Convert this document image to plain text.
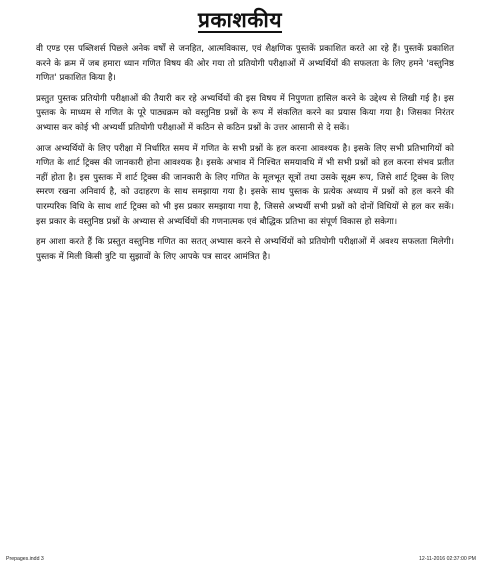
प्रकाशकीय

वी एण्ड एस पब्लिशर्स पिछले अनेक वर्षों से जनहित, आत्मविकास, एवं शैक्षणिक पुस्तकें प्रकाशित करते आ रहे हैं। पुस्तकें प्रकाशित करने के क्रम में जब हमारा ध्यान गणित विषय की ओर गया तो प्रतियोगी परीक्षाओं में अभ्यर्थियों की सफलता के लिए हमने 'वस्तुनिष्ठ गणित' प्रकाशित किया है।

प्रस्तुत पुस्तक प्रतियोगी परीक्षाओं की तैयारी कर रहे अभ्यर्थियों की इस विषय में निपुणता हासिल करने के उद्देश्य से लिखी गई है। इस पुस्तक के माध्यम से गणित के पूरे पाठ्यक्रम को वस्तुनिष्ठ प्रश्नों के रूप में संकलित करने का प्रयास किया गया है। जिसका निरंतर अभ्यास कर कोई भी अभ्यर्थी प्रतियोगी परीक्षाओं में कठिन से कठिन प्रश्नों के उत्तर आसानी से दे सकें।

आज अभ्यर्थियों के लिए परीक्षा में निर्धारित समय में गणित के सभी प्रश्नों के हल करना आवश्यक है। इसके लिए सभी प्रतिभागियों को गणित के शार्ट ट्रिक्स की जानकारी होना आवश्यक है। इसके अभाव में निश्चित समयावधि में भी सभी प्रश्नों को हल करना संभव प्रतीत नहीं होता है। इस पुस्तक में शार्ट ट्रिक्स की जानकारी के लिए गणित के मूलभूत सूत्रों तथा उसके सूक्ष्म रूप, जिसे शार्ट ट्रिक्स के लिए स्मरण रखना अनिवार्य है, को उदाहरण के साथ समझाया गया है। इसके साथ पुस्तक के प्रत्येक अध्याय में प्रश्नों को हल करने की पारम्परिक विधि के साथ शार्ट ट्रिक्स को भी इस प्रकार समझाया गया है, जिससे अभ्यर्थी सभी प्रश्नों को दोनों विधियों से हल कर सकें। इस प्रकार के वस्तुनिष्ठ प्रश्नों के अभ्यास से अभ्यर्थियों की गणनात्मक एवं बौद्धिक प्रतिभा का संपूर्ण विकास हो सकेगा।

हम आशा करते हैं कि प्रस्तुत वस्तुनिष्ठ गणित का सतत् अभ्यास करने से अभ्यर्थियों को प्रतियोगी परीक्षाओं में अवश्य सफलता मिलेगी। पुस्तक में मिली किसी त्रुटि या सुझावों के लिए आपके पत्र सादर आमंत्रित है।

Prepages.indd 3	12-11-2016 02:37:00 PM
